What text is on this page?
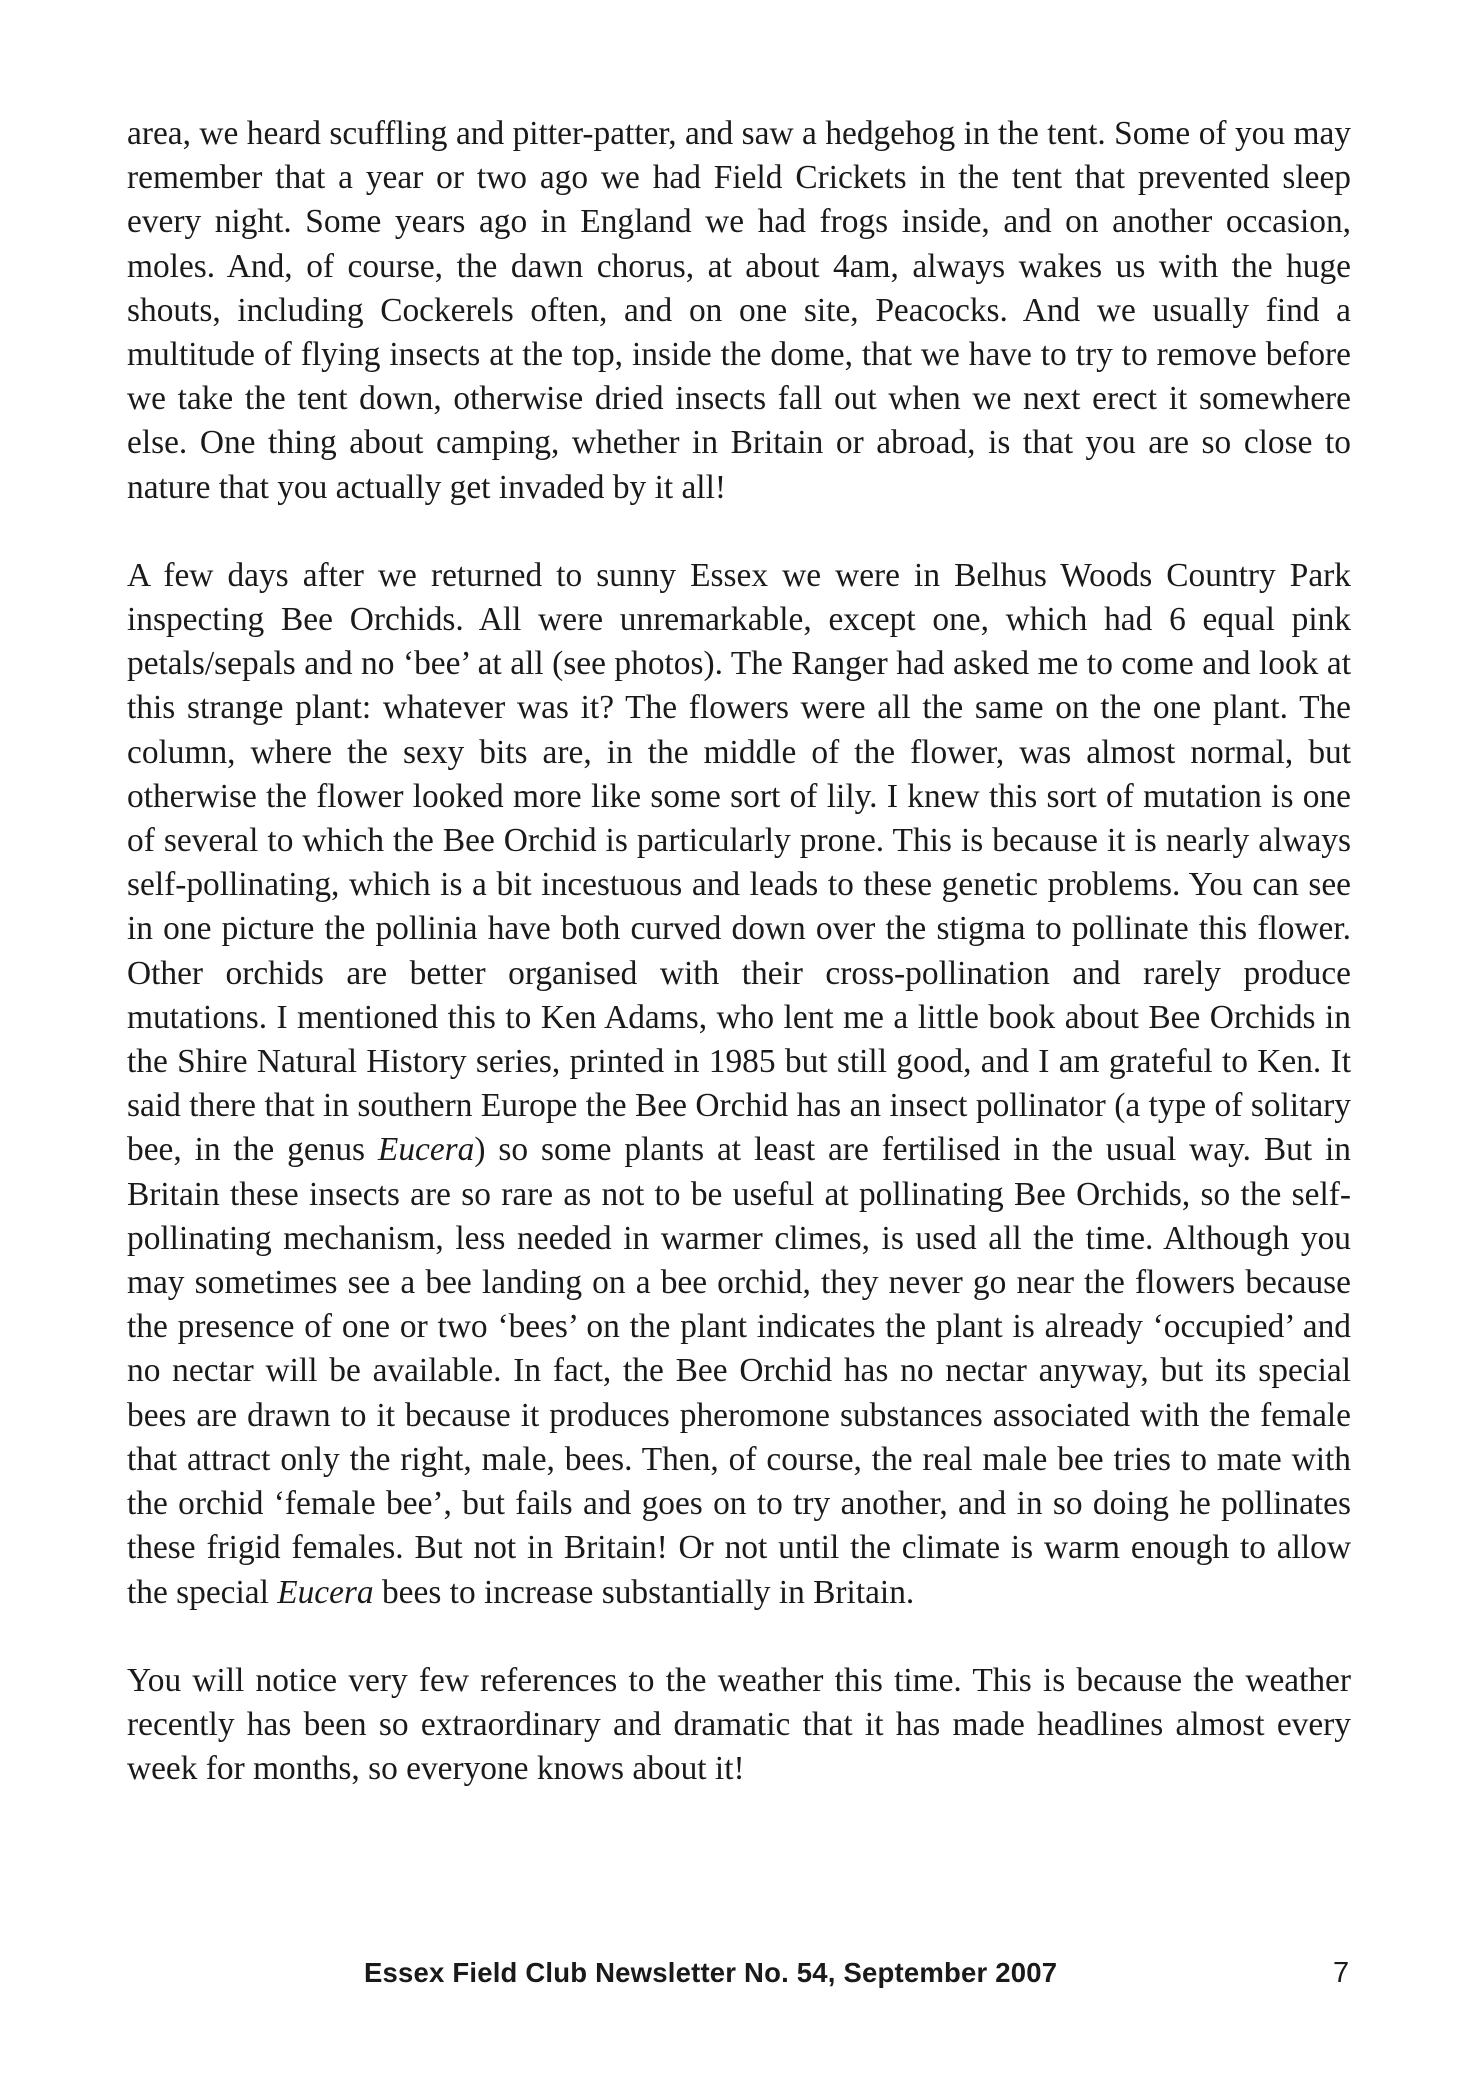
area, we heard scuffling and pitter-patter, and saw a hedgehog in the tent. Some of you may remember that a year or two ago we had Field Crickets in the tent that prevented sleep every night. Some years ago in England we had frogs inside, and on another occasion, moles. And, of course, the dawn chorus, at about 4am, always wakes us with the huge shouts, including Cockerels often, and on one site, Peacocks. And we usually find a multitude of flying insects at the top, inside the dome, that we have to try to remove before we take the tent down, otherwise dried insects fall out when we next erect it somewhere else. One thing about camping, whether in Britain or abroad, is that you are so close to nature that you actually get invaded by it all!

A few days after we returned to sunny Essex we were in Belhus Woods Country Park inspecting Bee Orchids. All were unremarkable, except one, which had 6 equal pink petals/sepals and no ‘bee’ at all (see photos). The Ranger had asked me to come and look at this strange plant: whatever was it? The flowers were all the same on the one plant. The column, where the sexy bits are, in the middle of the flower, was almost normal, but otherwise the flower looked more like some sort of lily. I knew this sort of mutation is one of several to which the Bee Orchid is particularly prone. This is because it is nearly always self-pollinating, which is a bit incestuous and leads to these genetic problems. You can see in one picture the pollinia have both curved down over the stigma to pollinate this flower. Other orchids are better organised with their cross-pollination and rarely produce mutations. I mentioned this to Ken Adams, who lent me a little book about Bee Orchids in the Shire Natural History series, printed in 1985 but still good, and I am grateful to Ken. It said there that in southern Europe the Bee Orchid has an insect pollinator (a type of solitary bee, in the genus Eucera) so some plants at least are fertilised in the usual way. But in Britain these insects are so rare as not to be useful at pollinating Bee Orchids, so the self-pollinating mechanism, less needed in warmer climes, is used all the time. Although you may sometimes see a bee landing on a bee orchid, they never go near the flowers because the presence of one or two ‘bees’ on the plant indicates the plant is already ‘occupied’ and no nectar will be available. In fact, the Bee Orchid has no nectar anyway, but its special bees are drawn to it because it produces pheromone substances associated with the female that attract only the right, male, bees. Then, of course, the real male bee tries to mate with the orchid ‘female bee’, but fails and goes on to try another, and in so doing he pollinates these frigid females. But not in Britain! Or not until the climate is warm enough to allow the special Eucera bees to increase substantially in Britain.

You will notice very few references to the weather this time. This is because the weather recently has been so extraordinary and dramatic that it has made headlines almost every week for months, so everyone knows about it!

Essex Field Club Newsletter No. 54, September 2007	7
